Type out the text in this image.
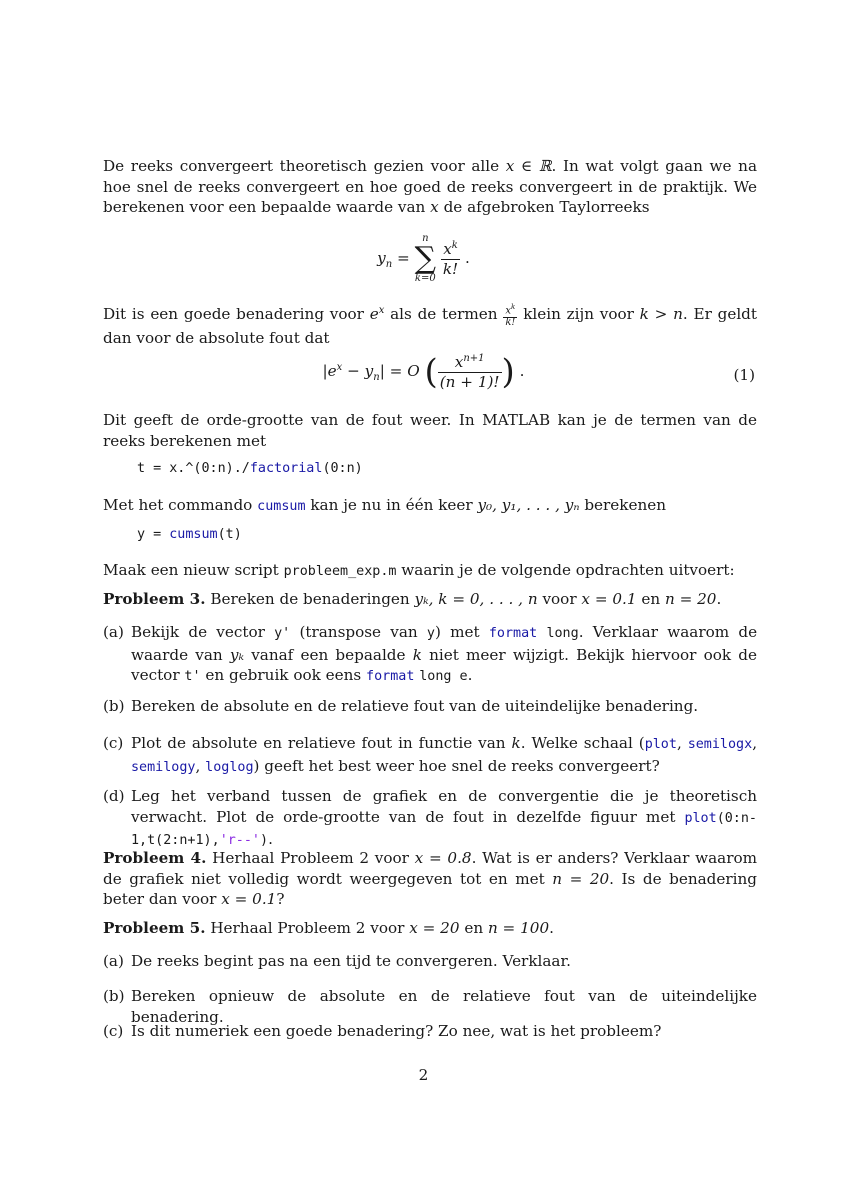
De reeks convergeert theoretisch gezien voor alle x ∈ ℝ. In wat volgt gaan we na hoe snel de reeks convergeert en hoe goed de reeks convergeert in de praktijk. We berekenen voor een bepaalde waarde van x de afgebroken Taylorreeks
$y_n$ =
n
∑
k=0

$\frac{x^k}{k!}$ .
Dit is een goede benadering voor $e^x$ als de termen $\frac{x^k}{k!}$ klein zijn voor k > n. Er geldt dan voor de absolute fout dat
$|e^x - y_n| = O$ ( $\frac{x^{n+1}}{(n + 1)!}$ ) .	(1)
Dit geeft de orde-grootte van de fout weer. In MATLAB kan je de termen van de reeks berekenen met
t = x.^(0:n)./factorial(0:n)
Met het commando cumsum kan je nu in één keer y₀, y₁, . . . , yₙ berekenen
y = cumsum(t)
Maak een nieuw script probleem_exp.m waarin je de volgende opdrachten uitvoert:
Probleem 3. Bereken de benaderingen yₖ, k = 0, . . . , n voor x = 0.1 en n = 20.
(a) Bekijk de vector y' (transpose van y) met format long. Verklaar waarom de waarde van yₖ vanaf een bepaalde k niet meer wijzigt. Bekijk hiervoor ook de vector t' en gebruik ook eens format long e.
(b) Bereken de absolute en de relatieve fout van de uiteindelijke benadering.
(c) Plot de absolute en relatieve fout in functie van k. Welke schaal (plot, semilogx, semilogy, loglog) geeft het best weer hoe snel de reeks convergeert?
(d) Leg het verband tussen de grafiek en de convergentie die je theoretisch verwacht. Plot de orde-grootte van de fout in dezelfde figuur met plot(0:n-1,t(2:n+1),'r--').
Probleem 4. Herhaal Probleem 2 voor x = 0.8. Wat is er anders? Verklaar waarom de grafiek niet volledig wordt weergegeven tot en met n = 20. Is de benadering beter dan voor x = 0.1?
Probleem 5. Herhaal Probleem 2 voor x = 20 en n = 100.
(a) De reeks begint pas na een tijd te convergeren. Verklaar.
(b) Bereken opnieuw de absolute en de relatieve fout van de uiteindelijke benadering.
(c) Is dit numeriek een goede benadering? Zo nee, wat is het probleem?
2
